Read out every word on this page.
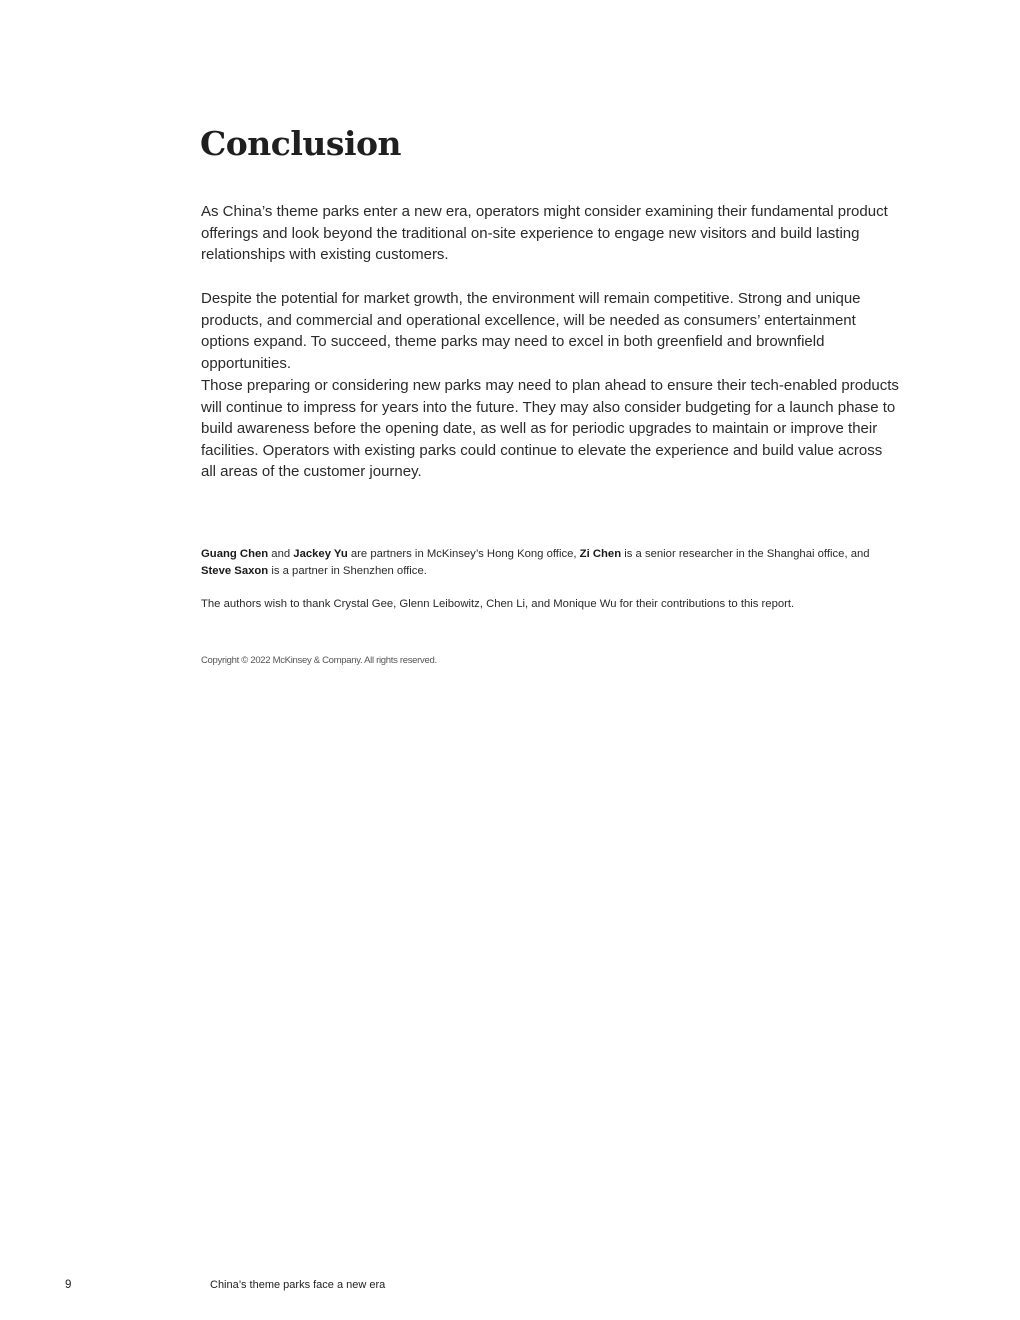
Conclusion

As China’s theme parks enter a new era, operators might consider examining their fundamental product offerings and look beyond the traditional on-site experience to engage new visitors and build lasting relationships with existing customers.

Despite the potential for market growth, the environment will remain competitive. Strong and unique products, and commercial and operational excellence, will be needed as consumers’ entertainment options expand. To succeed, theme parks may need to excel in both greenfield and brownfield opportunities.

Those preparing or considering new parks may need to plan ahead to ensure their tech-enabled products will continue to impress for years into the future. They may also consider budgeting for a launch phase to build awareness before the opening date, as well as for periodic upgrades to maintain or improve their facilities. Operators with existing parks could continue to elevate the experience and build value across all areas of the customer journey.

Guang Chen and Jackey Yu are partners in McKinsey’s Hong Kong office, Zi Chen is a senior researcher in the Shanghai office, and Steve Saxon is a partner in Shenzhen office.

The authors wish to thank Crystal Gee, Glenn Leibowitz, Chen Li, and Monique Wu for their contributions to this report.

Copyright © 2022 McKinsey & Company. All rights reserved.

9	China’s theme parks face a new era
